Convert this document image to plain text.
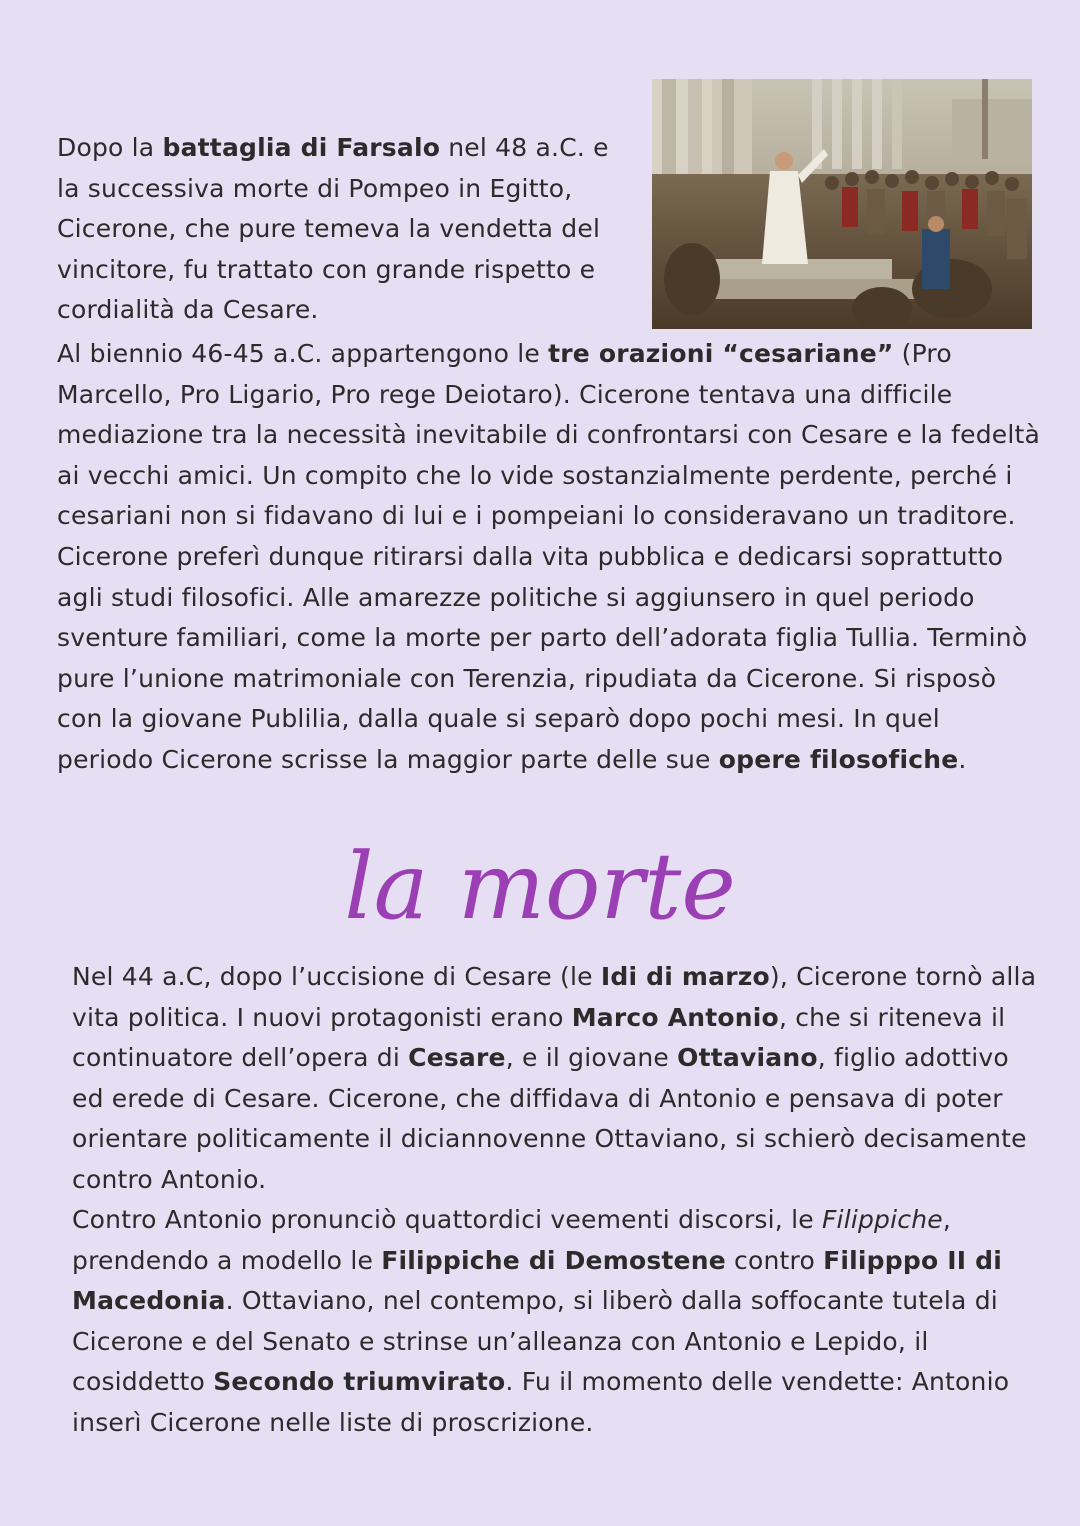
Dopo la battaglia di Farsalo nel 48 a.C. e la successiva morte di Pompeo in Egitto, Cicerone, che pure temeva la vendetta del vincitore, fu trattato con grande rispetto e cordialità da Cesare.

Al biennio 46-45 a.C. appartengono le tre orazioni “cesariane” (Pro Marcello, Pro Ligario, Pro rege Deiotaro). Cicerone tentava una difficile mediazione tra la necessità inevitabile di confrontarsi con Cesare e la fedeltà ai vecchi amici. Un compito che lo vide sostanzialmente perdente, perché i cesariani non si fidavano di lui e i pompeiani lo consideravano un traditore. Cicerone preferì dunque ritirarsi dalla vita pubblica e dedicarsi soprattutto agli studi filosofici. Alle amarezze politiche si aggiunsero in quel periodo sventure familiari, come la morte per parto dell’adorata figlia Tullia. Terminò pure l’unione matrimoniale con Terenzia, ripudiata da Cicerone. Si risposò con la giovane Publilia, dalla quale si separò dopo pochi mesi. In quel periodo Cicerone scrisse la maggior parte delle sue opere filosofiche.

la morte

Nel 44 a.C, dopo l’uccisione di Cesare (le Idi di marzo), Cicerone tornò alla vita politica. I nuovi protagonisti erano Marco Antonio, che si riteneva il continuatore dell’opera di Cesare, e il giovane Ottaviano, figlio adottivo ed erede di Cesare. Cicerone, che diffidava di Antonio e pensava di poter orientare politicamente il diciannovenne Ottaviano, si schierò decisamente contro Antonio.

Contro Antonio pronunciò quattordici veementi discorsi, le Filippiche, prendendo a modello le Filippiche di Demostene contro Filipppo II di Macedonia. Ottaviano, nel contempo, si liberò dalla soffocante tutela di Cicerone e del Senato e strinse un’alleanza con Antonio e Lepido, il cosiddetto Secondo triumvirato. Fu il momento delle vendette: Antonio inserì Cicerone nelle liste di proscrizione.
